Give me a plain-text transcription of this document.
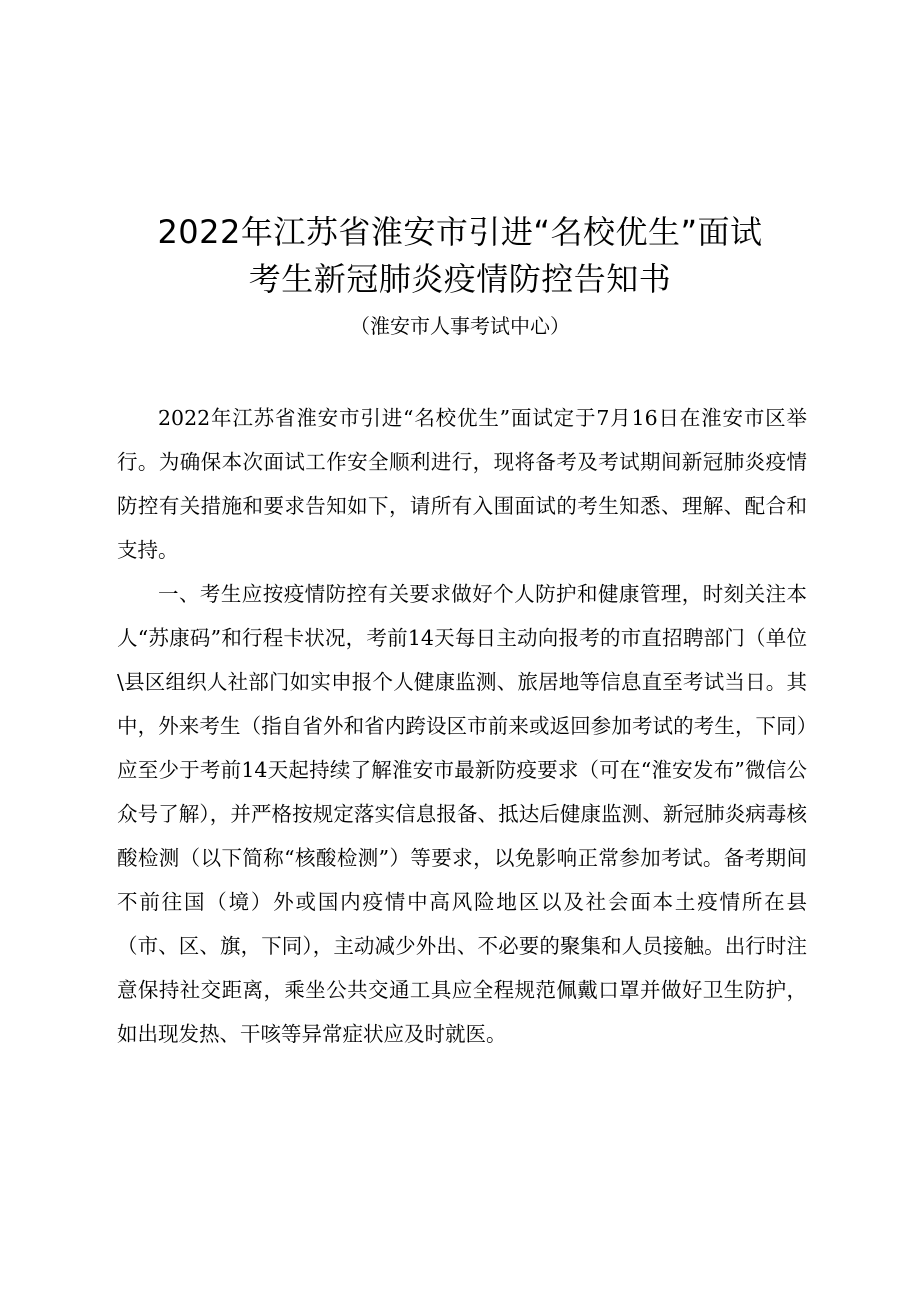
2022年江苏省淮安市引进“名校优生”面试
考生新冠肺炎疫情防控告知书
（淮安市人事考试中心）

2022年江苏省淮安市引进“名校优生”面试定于7月16日在淮安市区举行。为确保本次面试工作安全顺利进行，现将备考及考试期间新冠肺炎疫情防控有关措施和要求告知如下，请所有入围面试的考生知悉、理解、配合和支持。

一、考生应按疫情防控有关要求做好个人防护和健康管理，时刻关注本人“苏康码”和行程卡状况，考前14天每日主动向报考的市直招聘部门（单位\县区组织人社部门如实申报个人健康监测、旅居地等信息直至考试当日。其中，外来考生（指自省外和省内跨设区市前来或返回参加考试的考生，下同）应至少于考前14天起持续了解淮安市最新防疫要求（可在“淮安发布”微信公众号了解），并严格按规定落实信息报备、抵达后健康监测、新冠肺炎病毒核酸检测（以下简称“核酸检测”）等要求，以免影响正常参加考试。备考期间不前往国（境）外或国内疫情中高风险地区以及社会面本土疫情所在县（市、区、旗，下同），主动减少外出、不必要的聚集和人员接触。出行时注意保持社交距离，乘坐公共交通工具应全程规范佩戴口罩并做好卫生防护，如出现发热、干咳等异常症状应及时就医。
